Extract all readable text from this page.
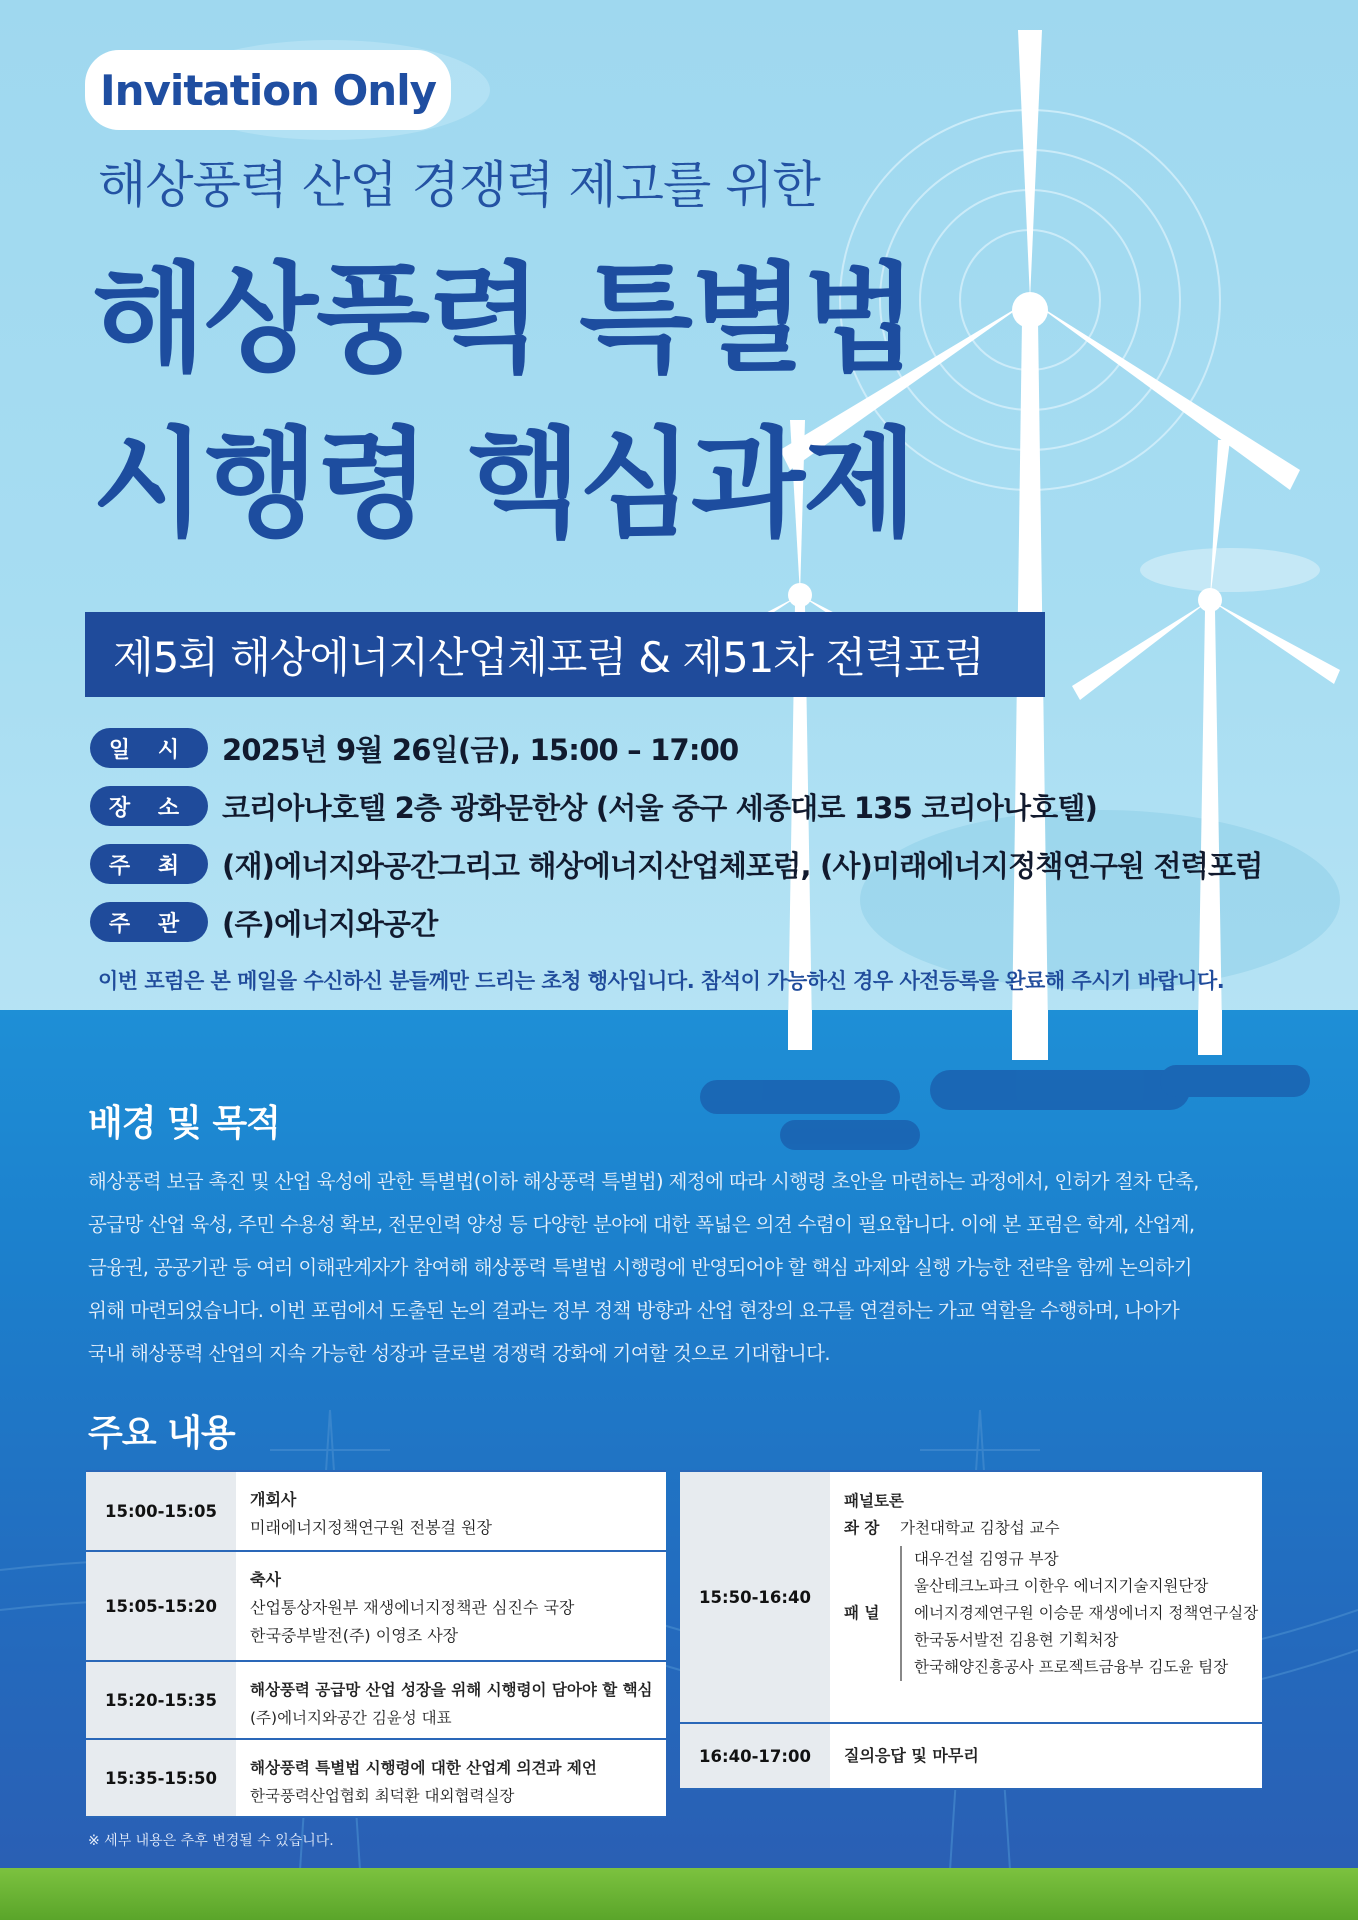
Invitation Only
해상풍력 산업 경쟁력 제고를 위한
해상풍력 특별법
시행령 핵심과제
제5회 해상에너지산업체포럼 & 제51차 전력포럼
일 시	2025년 9월 26일(금), 15:00 – 17:00
장 소	코리아나호텔 2층 광화문한상 (서울 중구 세종대로 135 코리아나호텔)
주 최	(재)에너지와공간그리고 해상에너지산업체포럼, (사)미래에너지정책연구원 전력포럼
주 관	(주)에너지와공간
이번 포럼은 본 메일을 수신하신 분들께만 드리는 초청 행사입니다. 참석이 가능하신 경우 사전등록을 완료해 주시기 바랍니다.
배경 및 목적

해상풍력 보급 촉진 및 산업 육성에 관한 특별법(이하 해상풍력 특별법) 제정에 따라 시행령 초안을 마련하는 과정에서, 인허가 절차 단축,

공급망 산업 육성, 주민 수용성 확보, 전문인력 양성 등 다양한 분야에 대한 폭넓은 의견 수렴이 필요합니다. 이에 본 포럼은 학계, 산업계,

금융권, 공공기관 등 여러 이해관계자가 참여해 해상풍력 특별법 시행령에 반영되어야 할 핵심 과제와 실행 가능한 전략을 함께 논의하기

위해 마련되었습니다. 이번 포럼에서 도출된 논의 결과는 정부 정책 방향과 산업 현장의 요구를 연결하는 가교 역할을 수행하며, 나아가

국내 해상풍력 산업의 지속 가능한 성장과 글로벌 경쟁력 강화에 기여할 것으로 기대합니다.

주요 내용
15:00-15:05
개회사
미래에너지정책연구원 전봉걸 원장
15:05-15:20
축사
산업통상자원부 재생에너지정책관 심진수 국장
한국중부발전(주) 이영조 사장
15:20-15:35
해상풍력 공급망 산업 성장을 위해 시행령이 담아야 할 핵심
(주)에너지와공간 김윤성 대표
15:35-15:50
해상풍력 특별법 시행령에 대한 산업계 의견과 제언
한국풍력산업협회 최덕환 대외협력실장
15:50-16:40
패널토론
좌 장	가천대학교 김창섭 교수
패 널
대우건설 김영규 부장
울산테크노파크 이한우 에너지기술지원단장
에너지경제연구원 이승문 재생에너지 정책연구실장
한국동서발전 김용현 기획처장
한국해양진흥공사 프로젝트금융부 김도윤 팀장
16:40-17:00	질의응답 및 마무리
※ 세부 내용은 추후 변경될 수 있습니다.
